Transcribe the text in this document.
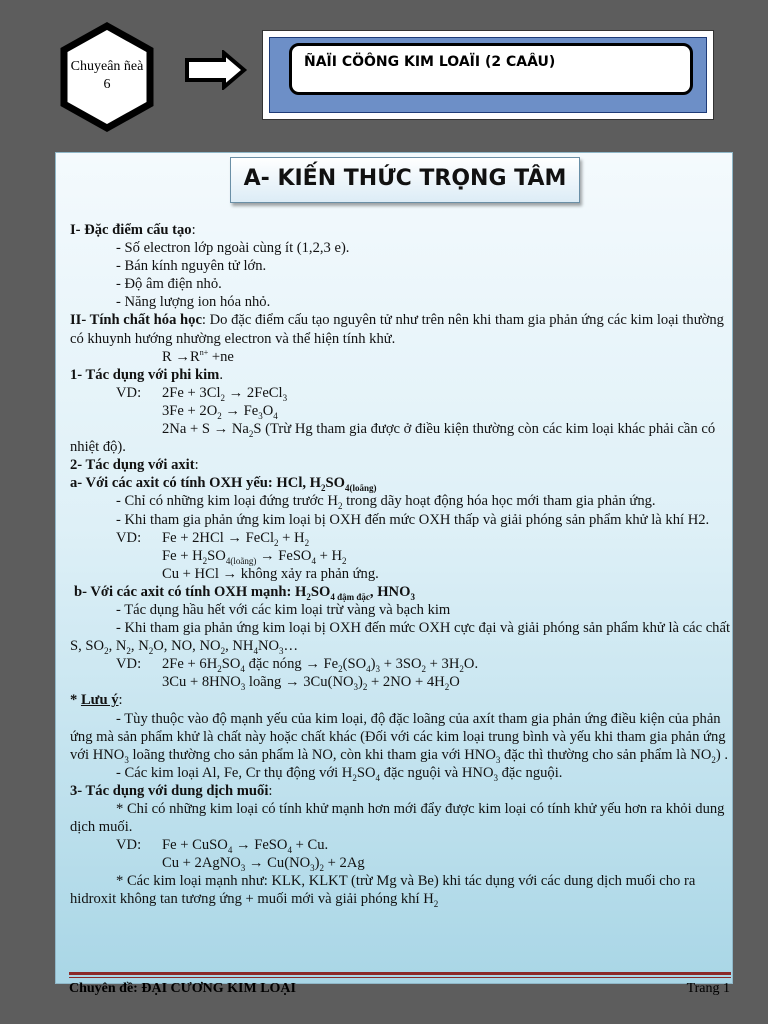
Chuyeân ñeà
6
ÑAÏI CÖÔNG KIM LOAÏI (2 CAÂU)
A- KIẾN THỨC TRỌNG TÂM

I- Đặc điểm cấu tạo:

- Số electron lớp ngoài cùng ít (1,2,3 e).

- Bán kính nguyên tử lớn.

- Độ âm điện nhỏ.

- Năng lượng ion hóa nhỏ.

II- Tính chất hóa học: Do đặc điểm cấu tạo nguyên tử như trên nên khi tham gia phản ứng các kim loại thường có khuynh hướng nhường electron và thể hiện tính khử.

$R \to R^{n+} +ne$

1- Tác dụng với phi kim.

VD: $2Fe + 3Cl_2$ → 2FeCl$_3$

$3Fe + 2O_2 \to Fe_3O_4$

$2Na + S \to Na_2S$ (Trừ Hg tham gia được ở điều kiện thường còn các kim loại khác phải cần có nhiệt độ).

2- Tác dụng với axit:

a- Với các axit có tính OXH yếu: HCl, $H_2SO_{4(loãng)}$

- Chỉ có những kim loại đứng trước $H_2$ trong dãy hoạt động hóa học mới tham gia phản ứng.

- Khi tham gia phản ứng kim loại bị OXH đến mức OXH thấp và giải phóng sản phẩm khử là khí H2.

VD: Fe + 2HCl → FeCl$_2$ + $H_2$

$Fe + H_2SO_{4(loãng)}$ → FeSO$_4$ + $H_2$

Cu + HCl → không xảy ra phản ứng.

b- Với các axit có tính OXH mạnh: $H_2SO_{4 đậm đặc}$, $HNO_3$

- Tác dụng hầu hết với các kim loại trừ vàng và bạch kim

- Khi tham gia phản ứng kim loại bị OXH đến mức OXH cực đại và giải phóng sản phẩm khử là các chất S, $SO_2$, $N_2$, $N_2O$, NO, $NO_2$, $NH_4NO_3\dots$

VD: $2Fe + 6H_2SO_4$ đặc nóng → $Fe_2(SO_4)_3 + 3SO_2 + 3H_2O$.

$3Cu + 8HNO_3$ loãng → $3Cu(NO_3)_2 + 2NO + 4H_2O$

* Lưu ý:

- Tùy thuộc vào độ mạnh yếu của kim loại, độ đặc loãng của axít tham gia phản ứng điều kiện của phản ứng mà sản phẩm khử là chất này hoặc chất khác (Đối với các kim loại trung bình và yếu khi tham gia phản ứng với $HNO_3$ loãng thường cho sản phẩm là NO, còn khi tham gia với $HNO_3$ đặc thì thường cho sản phẩm là $NO_2$) .

- Các kim loại Al, Fe, Cr thụ động với $H_2SO_4$ đặc nguội và $HNO_3$ đặc nguội.

3- Tác dụng với dung dịch muối:

* Chỉ có những kim loại có tính khử mạnh hơn mới đẩy được kim loại có tính khử yếu hơn ra khỏi dung dịch muối.

VD: Fe + CuSO$_4$ → FeSO$_4$ + Cu.

Cu + 2AgNO$_3$ → $Cu(NO_3)_2 + 2Ag$

* Các kim loại mạnh như: KLK, KLKT (trừ Mg và Be) khi tác dụng với các dung dịch muối cho ra hidroxit không tan tương ứng + muối mới và giải phóng khí $H_2$

Chuyên đề: ĐẠI CƯƠNG KIM LOẠI	Trang 1
